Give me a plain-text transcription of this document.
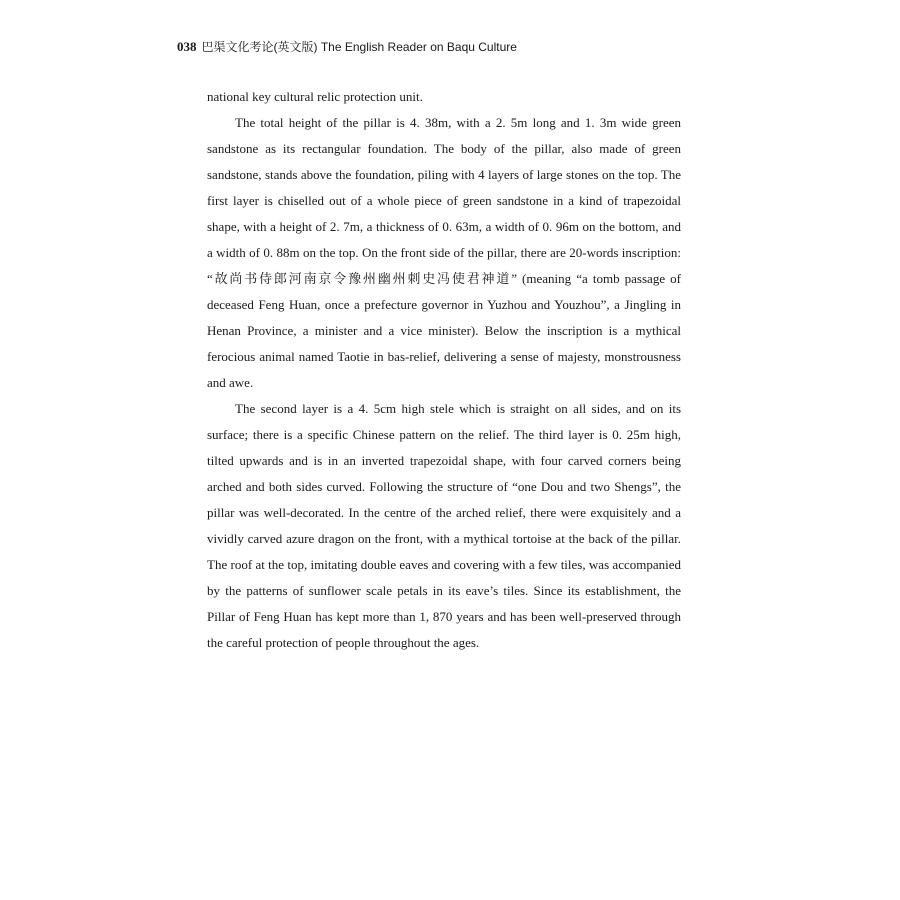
038 巴渠文化考论(英文版) The English Reader on Baqu Culture

national key cultural relic protection unit.

The total height of the pillar is 4. 38m, with a 2. 5m long and 1. 3m wide green sandstone as its rectangular foundation. The body of the pillar, also made of green sandstone, stands above the foundation, piling with 4 layers of large stones on the top. The first layer is chiselled out of a whole piece of green sandstone in a kind of trapezoidal shape, with a height of 2. 7m, a thickness of 0. 63m, a width of 0. 96m on the bottom, and a width of 0. 88m on the top. On the front side of the pillar, there are 20-words inscription: “故尚书侍郎河南京令豫州幽州刺史冯使君神道” (meaning “a tomb passage of deceased Feng Huan, once a prefecture governor in Yuzhou and Youzhou”, a Jingling in Henan Province, a minister and a vice minister). Below the inscription is a mythical ferocious animal named Taotie in bas-relief, delivering a sense of majesty, monstrousness and awe.

The second layer is a 4. 5cm high stele which is straight on all sides, and on its surface; there is a specific Chinese pattern on the relief. The third layer is 0. 25m high, tilted upwards and is in an inverted trapezoidal shape, with four carved corners being arched and both sides curved. Following the structure of “one Dou and two Shengs”, the pillar was well-decorated. In the centre of the arched relief, there were exquisitely and a vividly carved azure dragon on the front, with a mythical tortoise at the back of the pillar. The roof at the top, imitating double eaves and covering with a few tiles, was accompanied by the patterns of sunflower scale petals in its eave’s tiles. Since its establishment, the Pillar of Feng Huan has kept more than 1, 870 years and has been well-preserved through the careful protection of people throughout the ages.
